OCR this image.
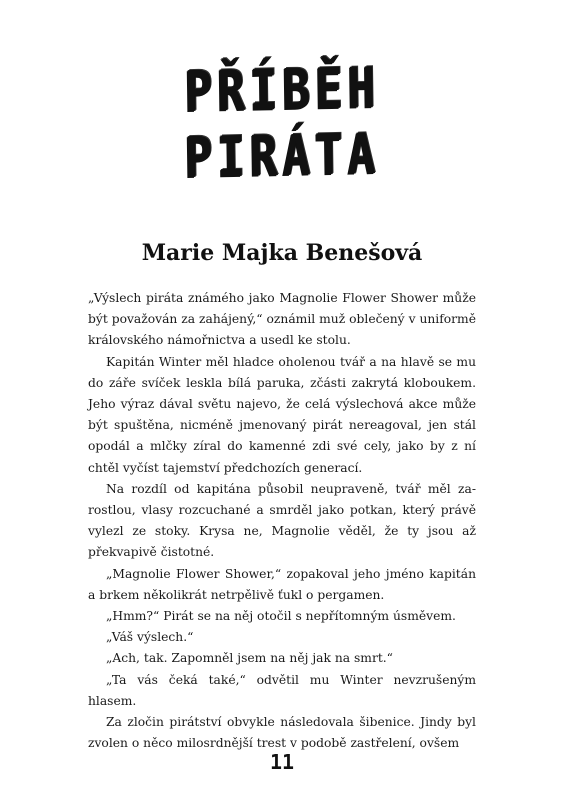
PŘÍBĚH
PIRÁTA
Marie Majka Benešová

„Výslech piráta známého jako Magnolie Flower Shower může být považován za zahájený,“ oznámil muž oblečený v uniformě královského námořnictva a usedl ke stolu.

Kapitán Winter měl hladce oholenou tvář a na hlavě se mu do záře svíček leskla bílá paruka, zčásti zakrytá kloboukem. Jeho výraz dával světu najevo, že celá výslechová akce může být spuštěna, nicméně jmenovaný pirát nereagoval, jen stál opodál a mlčky zíral do kamenné zdi své cely, jako by z ní chtěl vyčíst tajemství předchozích generací.

Na rozdíl od kapitána působil neupraveně, tvář měl zarostlou, vlasy rozcuchané a smrděl jako potkan, který právě vylezl ze stoky. Krysa ne, Magnolie věděl, že ty jsou až překvapivě čistotné.

„Magnolie Flower Shower,“ zopakoval jeho jméno kapitán a brkem několikrát netrpělivě ťukl o pergamen.

„Hmm?“ Pirát se na něj otočil s nepřítomným úsměvem.

„Váš výslech.“

„Ach, tak. Zapomněl jsem na něj jak na smrt.“

„Ta vás čeká také,“ odvětil mu Winter nevzrušeným hlasem.

Za zločin pirátství obvykle následovala šibenice. Jindy byl zvolen o něco milosrdnější trest v podobě zastřelení, ovšem

11
